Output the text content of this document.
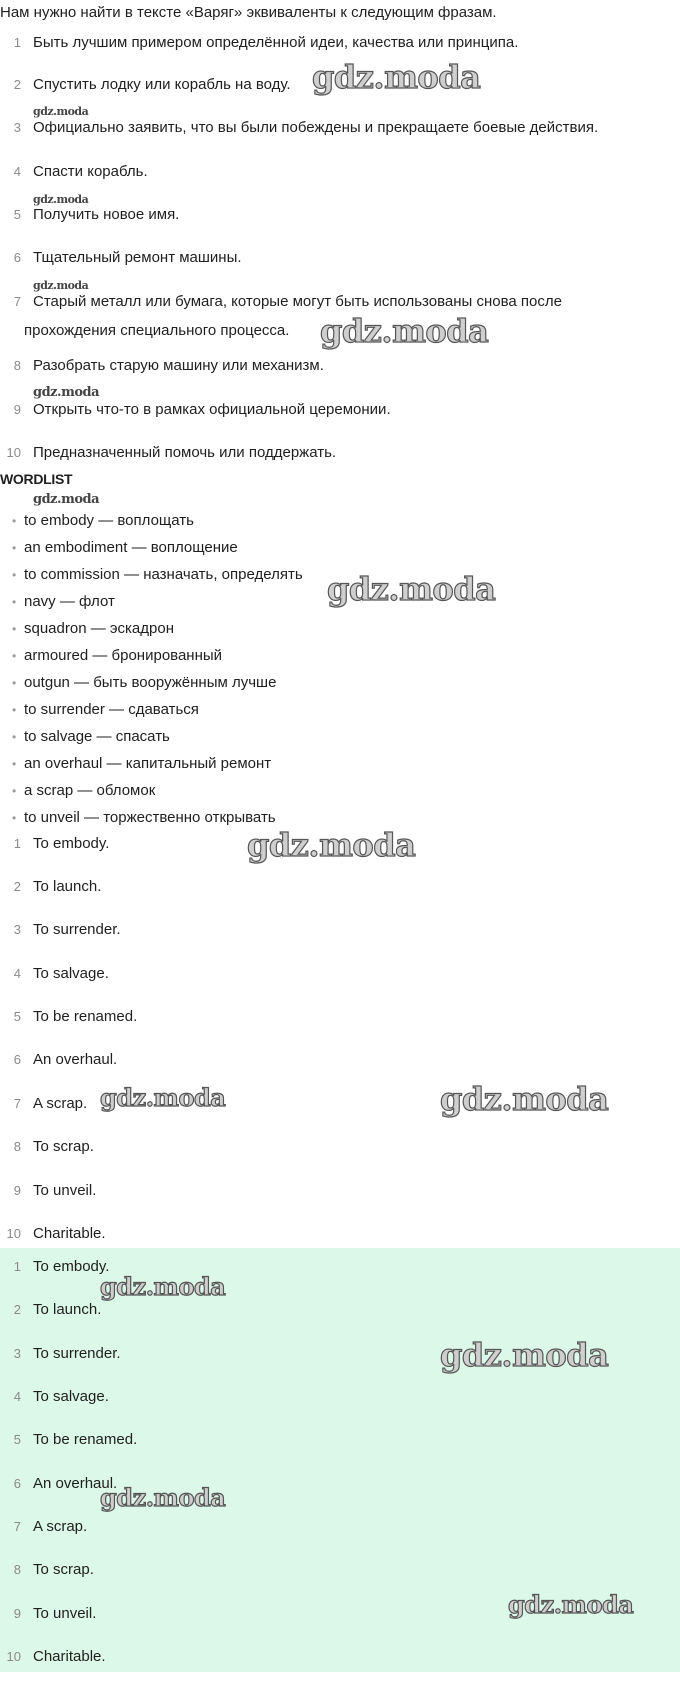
Нам нужно найти в тексте «Варяг» эквиваленты к следующим фразам.
1 Быть лучшим примером определённой идеи, качества или принципа.
2 Спустить лодку или корабль на воду.
3 Официально заявить, что вы были побеждены и прекращаете боевые действия.
4 Спасти корабль.
5 Получить новое имя.
6 Тщательный ремонт машины.
7 Старый металл или бумага, которые могут быть использованы снова после
прохождения специального процесса.
8 Разобрать старую машину или механизм.
9 Открыть что-то в рамках официальной церемонии.
10 Предназначенный помочь или поддержать.
WORDLIST
• to embody — воплощать
• an embodiment — воплощение
• to commission — назначать, определять
• navy — флот
• squadron — эскадрон
• armoured — бронированный
• outgun — быть вооружённым лучше
• to surrender — сдаваться
• to salvage — спасать
• an overhaul — капитальный ремонт
• a scrap — обломок
• to unveil — торжественно открывать
1 To embody.
2 To launch.
3 To surrender.
4 To salvage.
5 To be renamed.
6 An overhaul.
7 A scrap.
8 To scrap.
9 To unveil.
10 Charitable.
1 To embody.
2 To launch.
3 To surrender.
4 To salvage.
5 To be renamed.
6 An overhaul.
7 A scrap.
8 To scrap.
9 To unveil.
10 Charitable.
gdz.moda
gdz.moda
gdz.moda
gdz.moda
gdz.moda
gdz.moda
gdz.moda
gdz.moda
gdz.moda
gdz.moda	gdz.moda
gdz.moda
gdz.moda
gdz.moda
gdz.moda
